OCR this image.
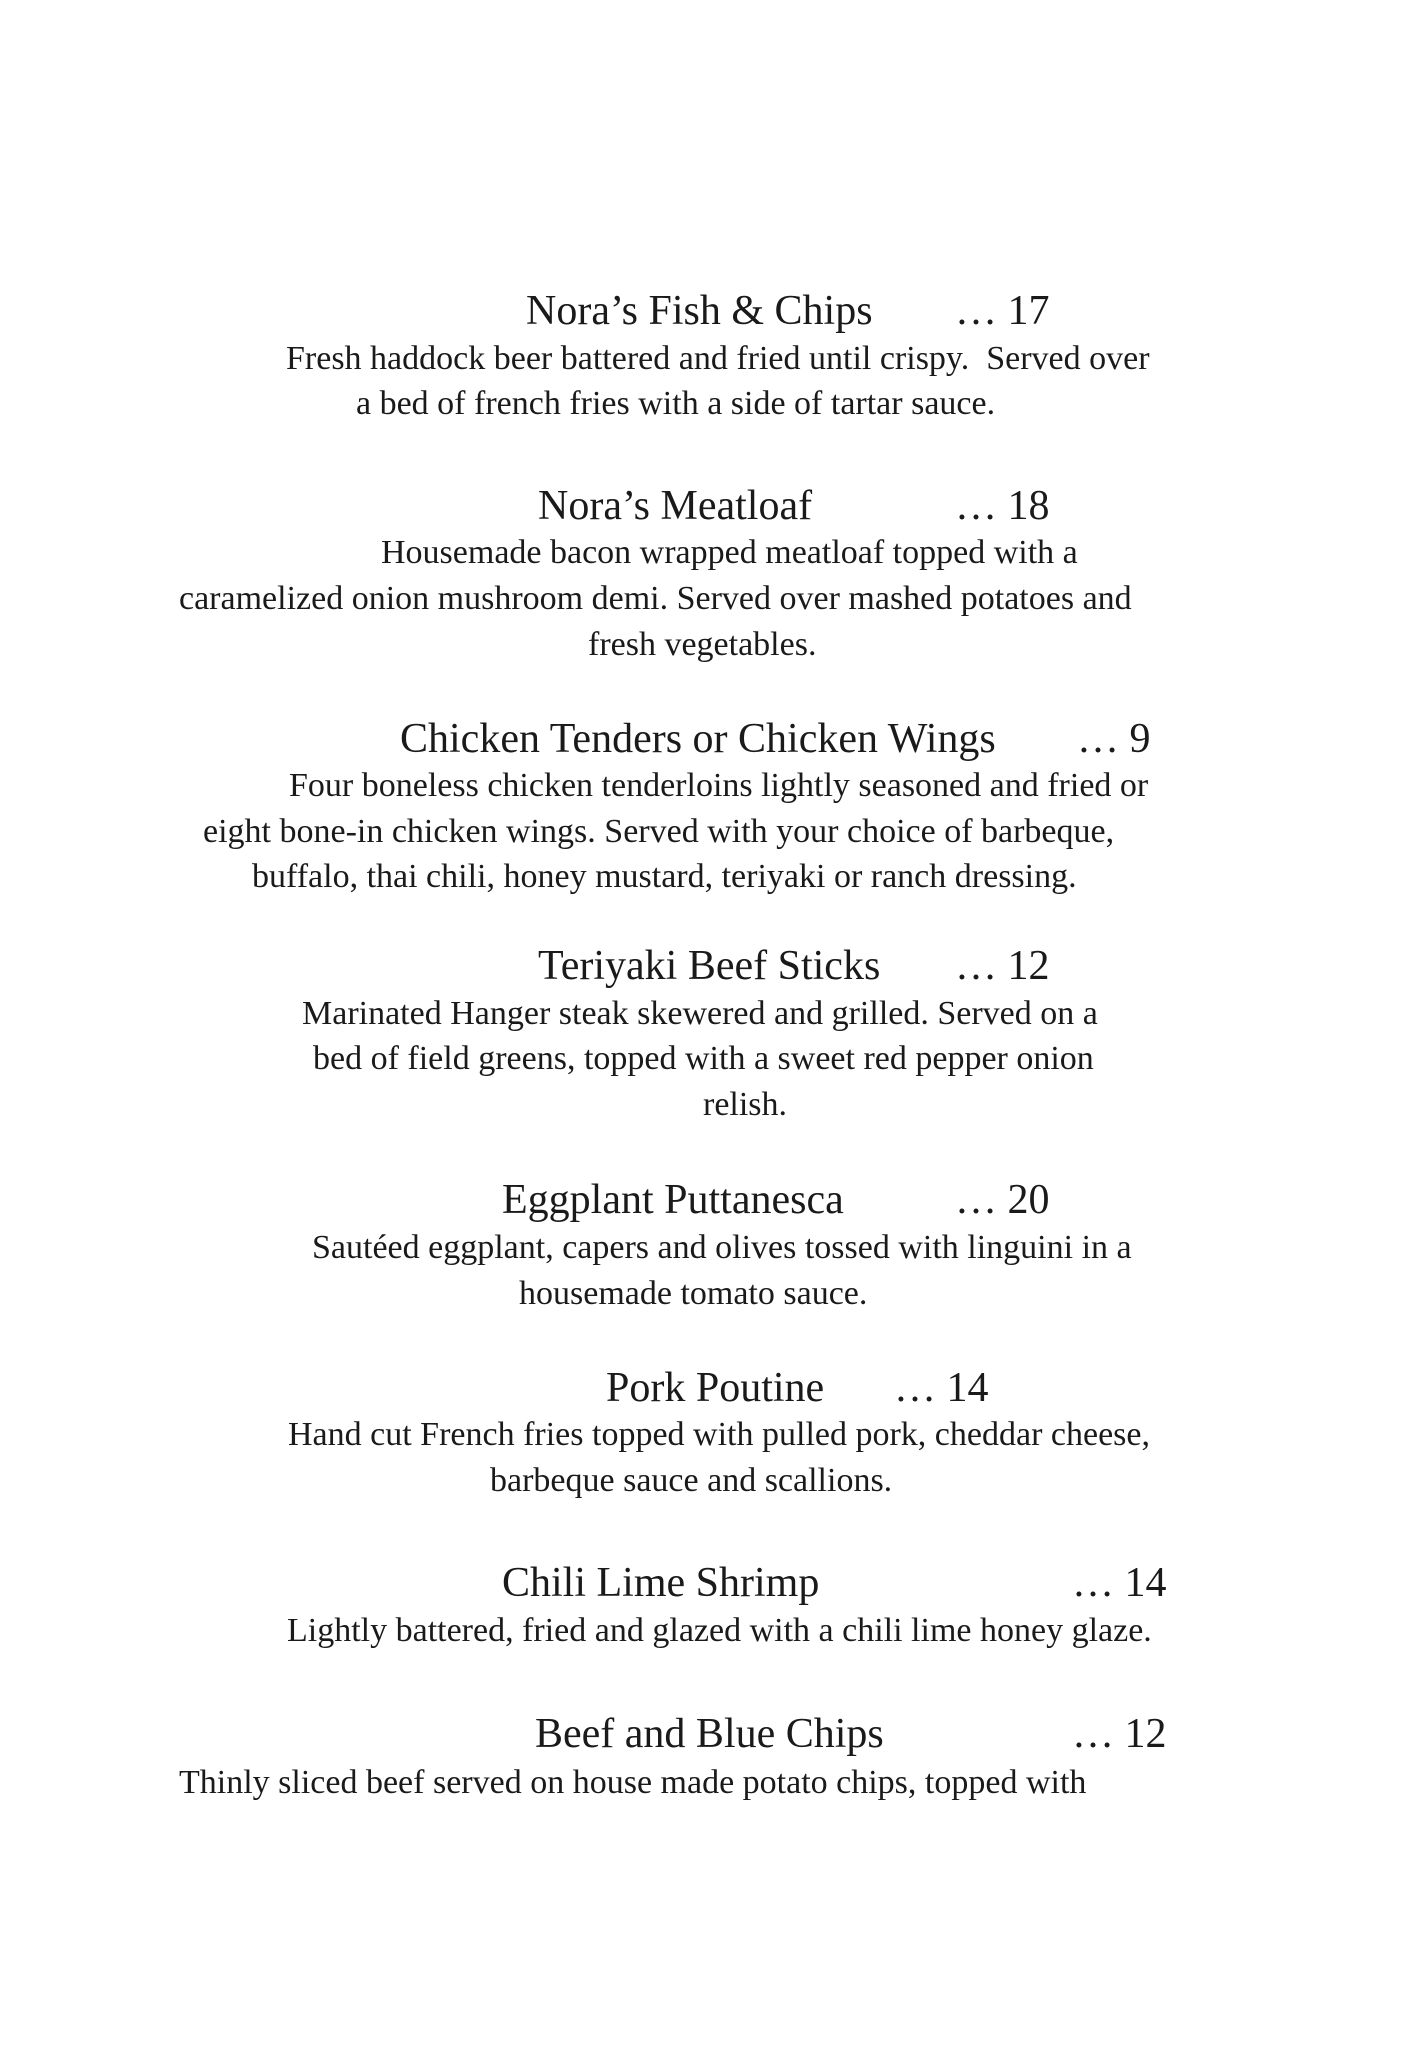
Nora’s Fish & Chips … 17
Fresh haddock beer battered and fried until crispy.  Served over
a bed of french fries with a side of tartar sauce.
Nora’s Meatloaf	… 18
Housemade bacon wrapped meatloaf topped with a
caramelized onion mushroom demi. Served over mashed potatoes and
fresh vegetables.
Chicken Tenders or Chicken Wings … 9
Four boneless chicken tenderloins lightly seasoned and fried or
eight bone-in chicken wings. Served with your choice of barbeque,
buffalo, thai chili, honey mustard, teriyaki or ranch dressing.
Teriyaki Beef Sticks … 12
Marinated Hanger steak skewered and grilled. Served on a
bed of field greens, topped with a sweet red pepper onion
relish.
Eggplant Puttanesca	… 20
Sautéed eggplant, capers and olives tossed with linguini in a
housemade tomato sauce.
Pork Poutine … 14
Hand cut French fries topped with pulled pork, cheddar cheese,
barbeque sauce and scallions.
Chili Lime Shrimp	… 14
Lightly battered, fried and glazed with a chili lime honey glaze.
Beef and Blue Chips	… 12
Thinly sliced beef served on house made potato chips, topped with
